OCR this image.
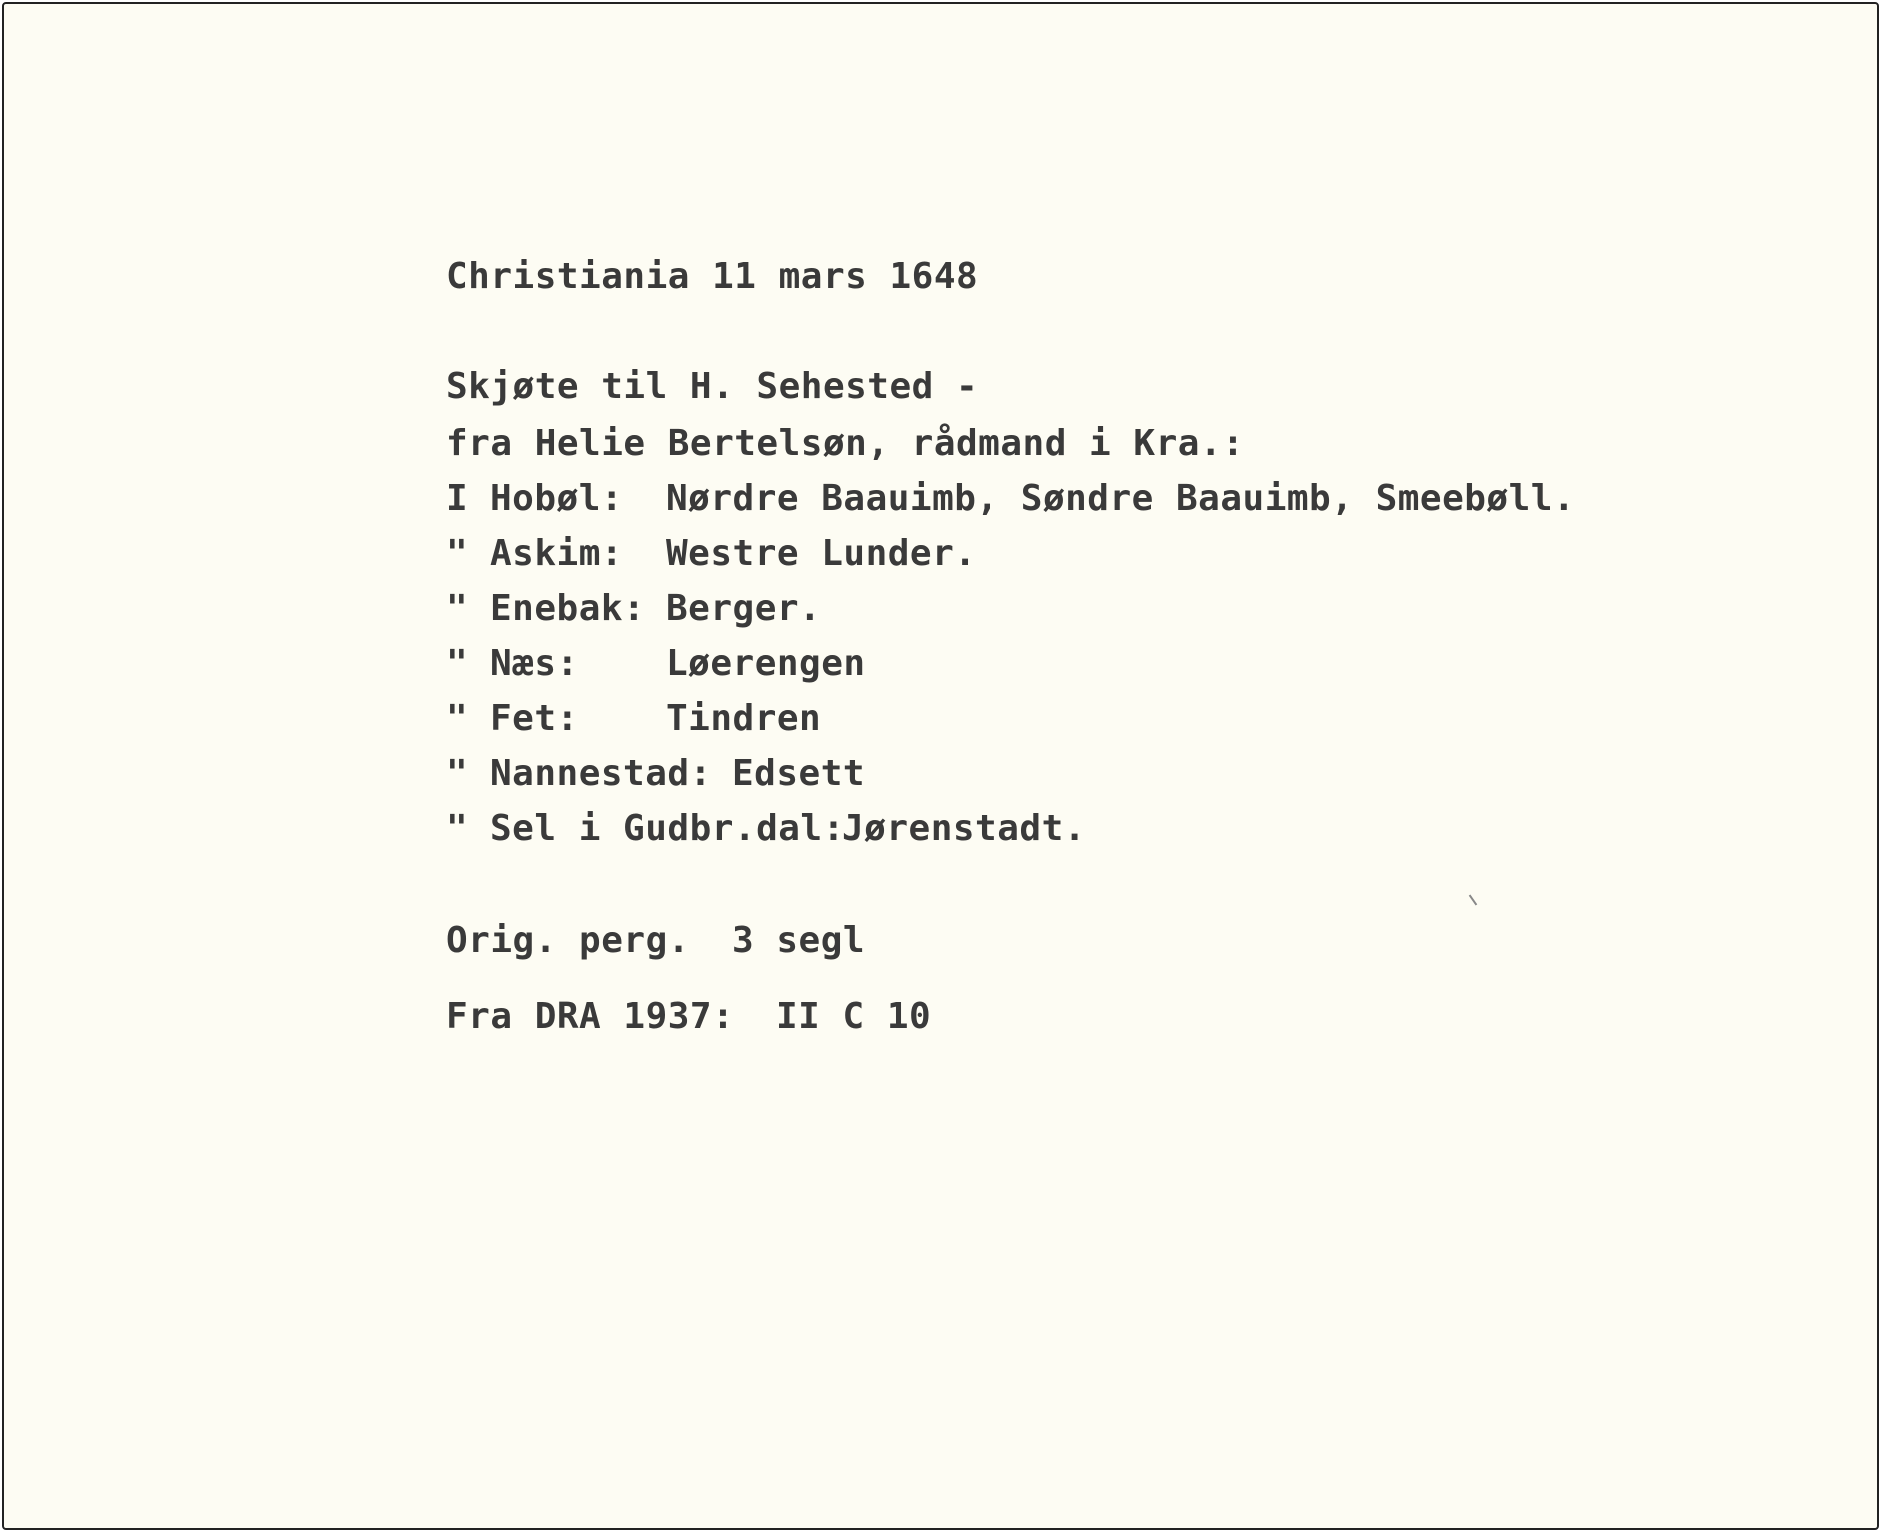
Christiania 11 mars 1648
Skjøte til H. Sehested -
fra Helie Bertelsøn, rådmand i Kra.:

I

Hobøl:

Nørdre Baauimb, Søndre Baauimb, Smeebøll.

"

Askim:

Westre Lunder.

"

Enebak:

Berger.

"

Næs:

Løerengen

"

Fet:

Tindren

"

Nannestad:

Edsett

"

Sel i Gudbr.dal:

Jørenstadt.

Orig. perg.

3 segl

Fra DRA 1937:

II C 10
